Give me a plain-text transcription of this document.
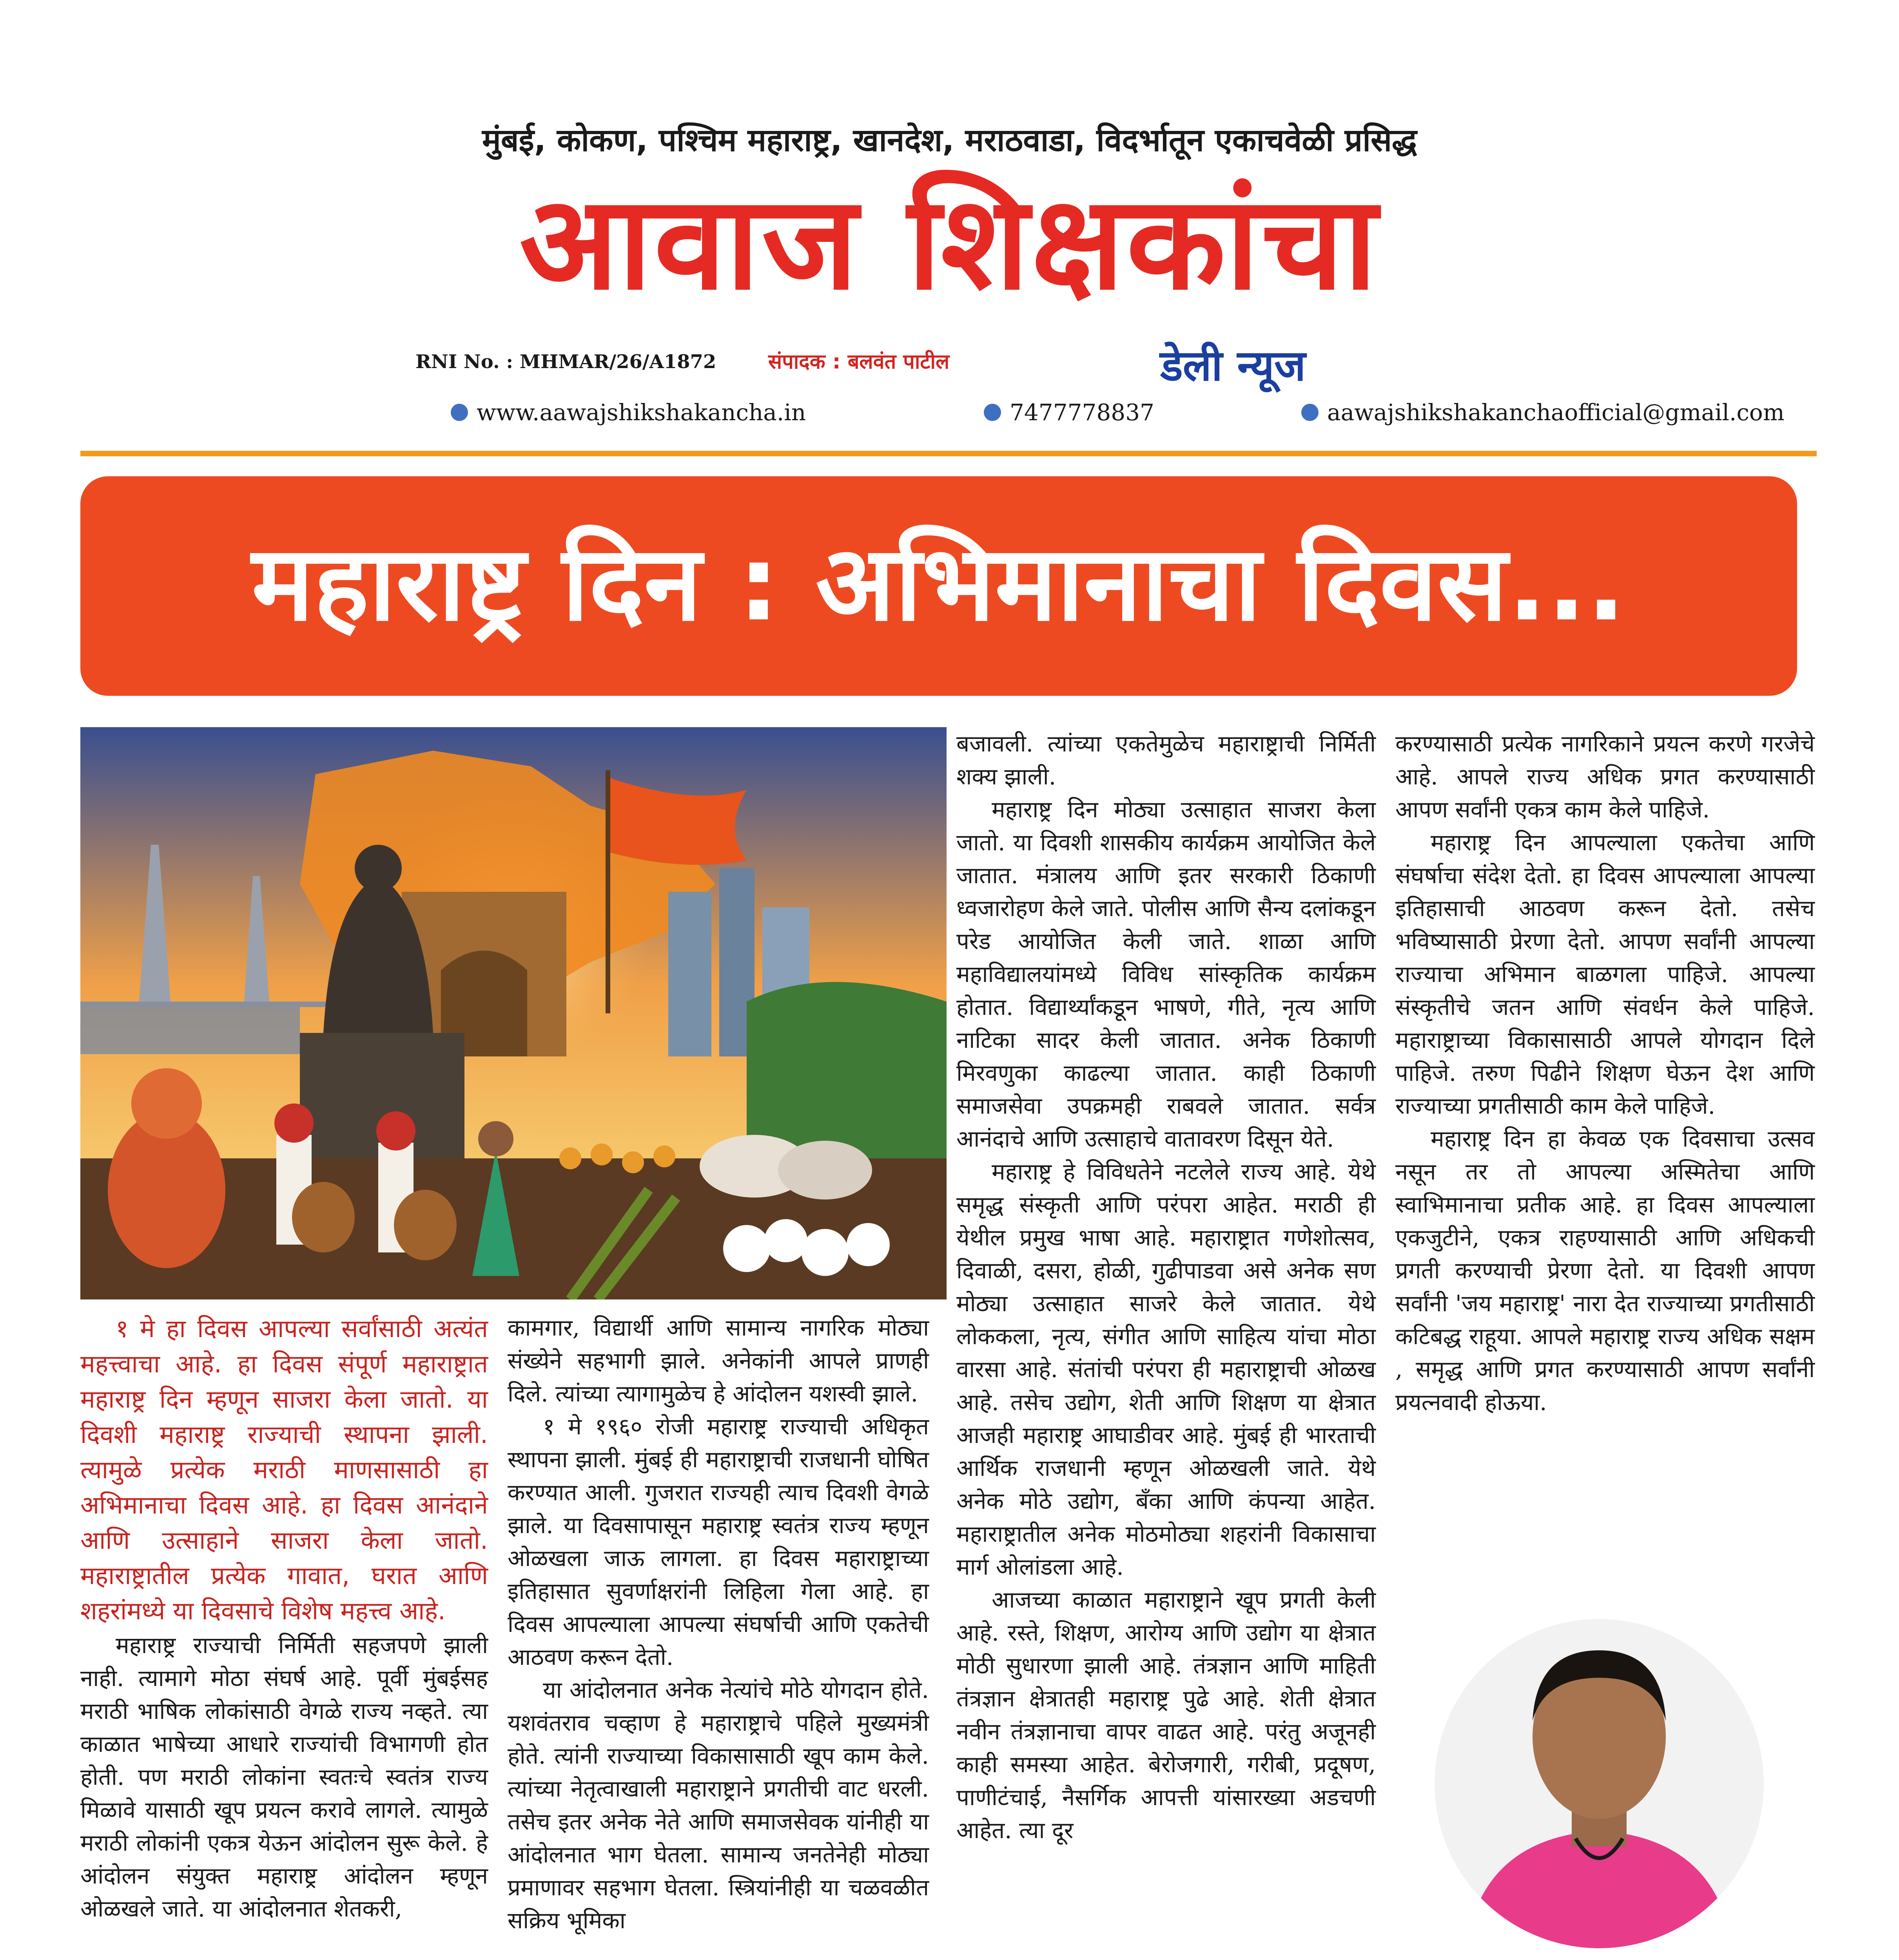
मुंबई, कोकण, पश्चिम महाराष्ट्र, खानदेश, मराठवाडा, विदर्भातून एकाचवेळी प्रसिद्ध
आवाज शिक्षकांचा
RNI No. : MHMAR/26/A1872	संपादक : बलवंत पाटील	डेली न्यूज
www.aawajshikshakancha.in	7477778837	aawajshikshakanchaofficial@gmail.com
महाराष्ट्र दिन : अभिमानाचा दिवस...

१ मे हा दिवस आपल्या सर्वांसाठी अत्यंत महत्त्वाचा आहे. हा दिवस संपूर्ण महाराष्ट्रात महाराष्ट्र दिन म्हणून साजरा केला जातो. या दिवशी महाराष्ट्र राज्याची स्थापना झाली. त्यामुळे प्रत्येक मराठी माणसासाठी हा अभिमानाचा दिवस आहे. हा दिवस आनंदाने आणि उत्साहाने साजरा केला जातो. महाराष्ट्रातील प्रत्येक गावात, घरात आणि शहरांमध्ये या दिवसाचे विशेष महत्त्व आहे.

महाराष्ट्र राज्याची निर्मिती सहजपणे झाली नाही. त्यामागे मोठा संघर्ष आहे. पूर्वी मुंबईसह मराठी भाषिक लोकांसाठी वेगळे राज्य नव्हते. त्या काळात भाषेच्या आधारे राज्यांची विभागणी होत होती. पण मराठी लोकांना स्वतःचे स्वतंत्र राज्य मिळावे यासाठी खूप प्रयत्न करावे लागले. त्यामुळे मराठी लोकांनी एकत्र येऊन आंदोलन सुरू केले. हे आंदोलन संयुक्त महाराष्ट्र आंदोलन म्हणून ओळखले जाते. या आंदोलनात शेतकरी,

कामगार, विद्यार्थी आणि सामान्य नागरिक मोठ्या संख्येने सहभागी झाले. अनेकांनी आपले प्राणही दिले. त्यांच्या त्यागामुळेच हे आंदोलन यशस्वी झाले.

१ मे १९६० रोजी महाराष्ट्र राज्याची अधिकृत स्थापना झाली. मुंबई ही महाराष्ट्राची राजधानी घोषित करण्यात आली. गुजरात राज्यही त्याच दिवशी वेगळे झाले. या दिवसापासून महाराष्ट्र स्वतंत्र राज्य म्हणून ओळखला जाऊ लागला. हा दिवस महाराष्ट्राच्या इतिहासात सुवर्णाक्षरांनी लिहिला गेला आहे. हा दिवस आपल्याला आपल्या संघर्षाची आणि एकतेची आठवण करून देतो.

या आंदोलनात अनेक नेत्यांचे मोठे योगदान होते. यशवंतराव चव्हाण हे महाराष्ट्राचे पहिले मुख्यमंत्री होते. त्यांनी राज्याच्या विकासासाठी खूप काम केले. त्यांच्या नेतृत्वाखाली महाराष्ट्राने प्रगतीची वाट धरली. तसेच इतर अनेक नेते आणि समाजसेवक यांनीही या आंदोलनात भाग घेतला. सामान्य जनतेनेही मोठ्या प्रमाणावर सहभाग घेतला. स्त्रियांनीही या चळवळीत सक्रिय भूमिका

बजावली. त्यांच्या एकतेमुळेच महाराष्ट्राची निर्मिती शक्य झाली.

महाराष्ट्र दिन मोठ्या उत्साहात साजरा केला जातो. या दिवशी शासकीय कार्यक्रम आयोजित केले जातात. मंत्रालय आणि इतर सरकारी ठिकाणी ध्वजारोहण केले जाते. पोलीस आणि सैन्य दलांकडून परेड आयोजित केली जाते. शाळा आणि महाविद्यालयांमध्ये विविध सांस्कृतिक कार्यक्रम होतात. विद्यार्थ्यांकडून भाषणे, गीते, नृत्य आणि नाटिका सादर केली जातात. अनेक ठिकाणी मिरवणुका काढल्या जातात. काही ठिकाणी समाजसेवा उपक्रमही राबवले जातात. सर्वत्र आनंदाचे आणि उत्साहाचे वातावरण दिसून येते.

महाराष्ट्र हे विविधतेने नटलेले राज्य आहे. येथे समृद्ध संस्कृती आणि परंपरा आहेत. मराठी ही येथील प्रमुख भाषा आहे. महाराष्ट्रात गणेशोत्सव, दिवाळी, दसरा, होळी, गुढीपाडवा असे अनेक सण मोठ्या उत्साहात साजरे केले जातात. येथे लोककला, नृत्य, संगीत आणि साहित्य यांचा मोठा वारसा आहे. संतांची परंपरा ही महाराष्ट्राची ओळख आहे. तसेच उद्योग, शेती आणि शिक्षण या क्षेत्रात आजही महाराष्ट्र आघाडीवर आहे. मुंबई ही भारताची आर्थिक राजधानी म्हणून ओळखली जाते. येथे अनेक मोठे उद्योग, बँका आणि कंपन्या आहेत. महाराष्ट्रातील अनेक मोठमोठ्या शहरांनी विकासाचा मार्ग ओलांडला आहे.

आजच्या काळात महाराष्ट्राने खूप प्रगती केली आहे. रस्ते, शिक्षण, आरोग्य आणि उद्योग या क्षेत्रात मोठी सुधारणा झाली आहे. तंत्रज्ञान आणि माहिती तंत्रज्ञान क्षेत्रातही महाराष्ट्र पुढे आहे. शेती क्षेत्रात नवीन तंत्रज्ञानाचा वापर वाढत आहे. परंतु अजूनही काही समस्या आहेत. बेरोजगारी, गरीबी, प्रदूषण, पाणीटंचाई, नैसर्गिक आपत्ती यांसारख्या अडचणी आहेत. त्या दूर

करण्यासाठी प्रत्येक नागरिकाने प्रयत्न करणे गरजेचे आहे. आपले राज्य अधिक प्रगत करण्यासाठी आपण सर्वांनी एकत्र काम केले पाहिजे.

महाराष्ट्र दिन आपल्याला एकतेचा आणि संघर्षाचा संदेश देतो. हा दिवस आपल्याला आपल्या इतिहासाची आठवण करून देतो. तसेच भविष्यासाठी प्रेरणा देतो. आपण सर्वांनी आपल्या राज्याचा अभिमान बाळगला पाहिजे. आपल्या संस्कृतीचे जतन आणि संवर्धन केले पाहिजे. महाराष्ट्राच्या विकासासाठी आपले योगदान दिले पाहिजे. तरुण पिढीने शिक्षण घेऊन देश आणि राज्याच्या प्रगतीसाठी काम केले पाहिजे.

महाराष्ट्र दिन हा केवळ एक दिवसाचा उत्सव नसून तर तो आपल्या अस्मितेचा आणि स्वाभिमानाचा प्रतीक आहे. हा दिवस आपल्याला एकजुटीने, एकत्र राहण्यासाठी आणि अधिकची प्रगती करण्याची प्रेरणा देतो. या दिवशी आपण सर्वांनी 'जय महाराष्ट्र' नारा देत राज्याच्या प्रगतीसाठी कटिबद्ध राहूया. आपले महाराष्ट्र राज्य अधिक सक्षम , समृद्ध आणि प्रगत करण्यासाठी आपण सर्वांनी प्रयत्नवादी होऊया.
